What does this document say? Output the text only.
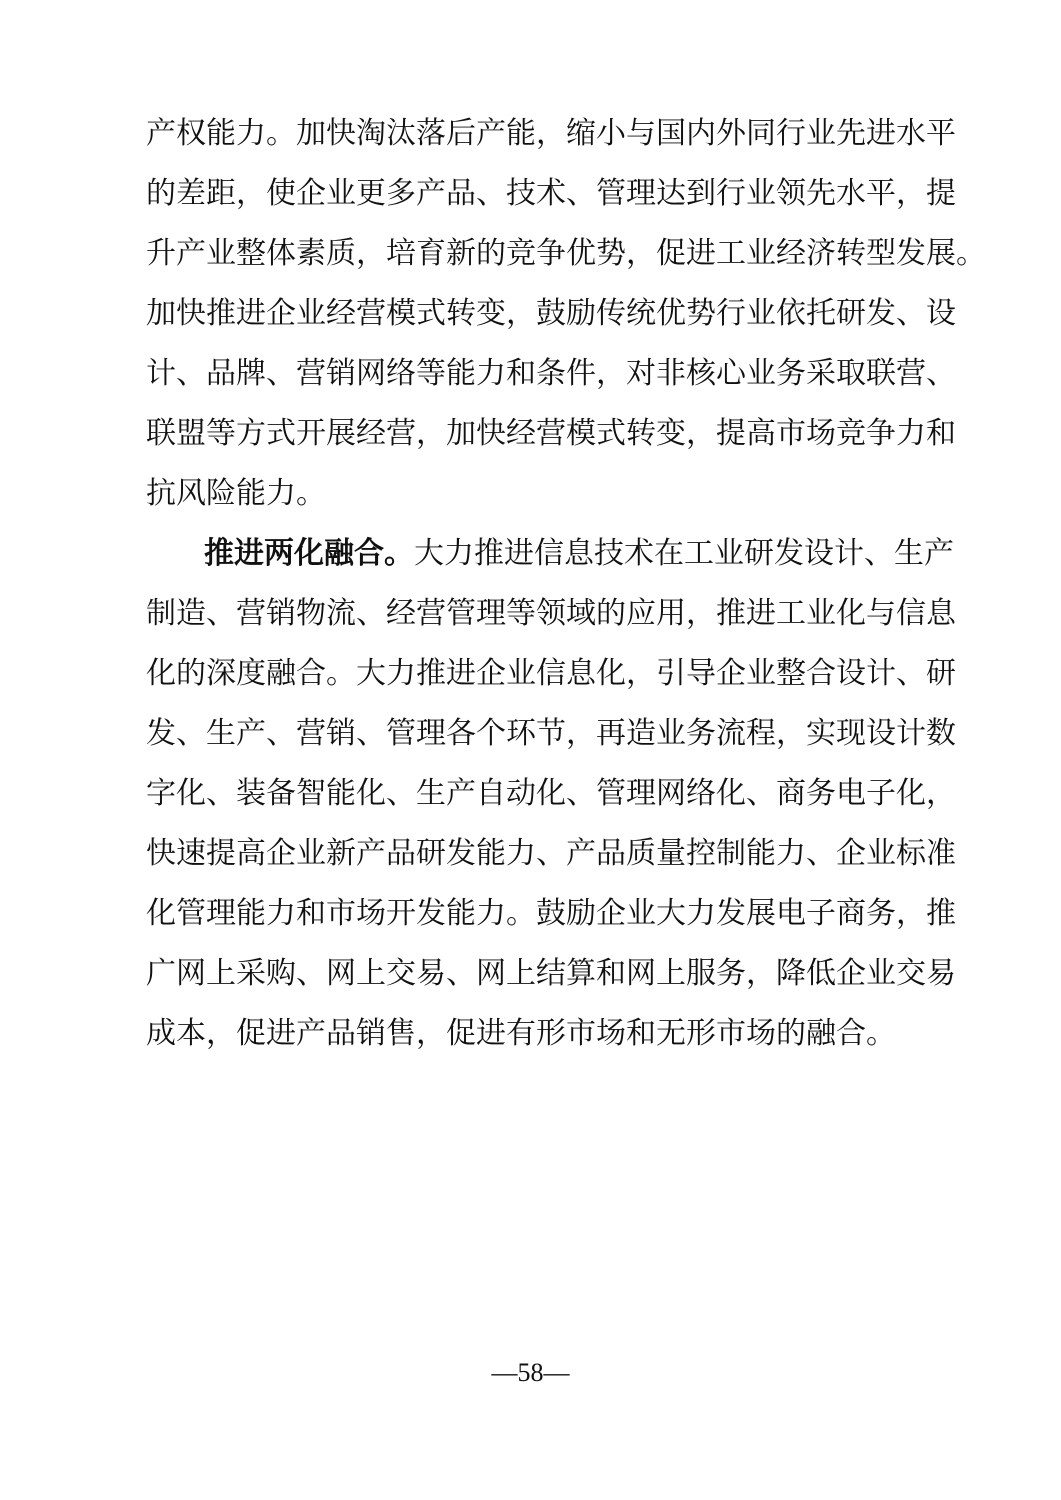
产权能力。加快淘汰落后产能，缩小与国内外同行业先进水平
的差距，使企业更多产品、技术、管理达到行业领先水平，提
升产业整体素质，培育新的竞争优势，促进工业经济转型发展。
加快推进企业经营模式转变，鼓励传统优势行业依托研发、设
计、品牌、营销网络等能力和条件，对非核心业务采取联营、
联盟等方式开展经营，加快经营模式转变，提高市场竞争力和
抗风险能力。
推进两化融合。大力推进信息技术在工业研发设计、生产
制造、营销物流、经营管理等领域的应用，推进工业化与信息
化的深度融合。大力推进企业信息化，引导企业整合设计、研
发、生产、营销、管理各个环节，再造业务流程，实现设计数
字化、装备智能化、生产自动化、管理网络化、商务电子化，
快速提高企业新产品研发能力、产品质量控制能力、企业标准
化管理能力和市场开发能力。鼓励企业大力发展电子商务，推
广网上采购、网上交易、网上结算和网上服务，降低企业交易
成本，促进产品销售，促进有形市场和无形市场的融合。
—58—
